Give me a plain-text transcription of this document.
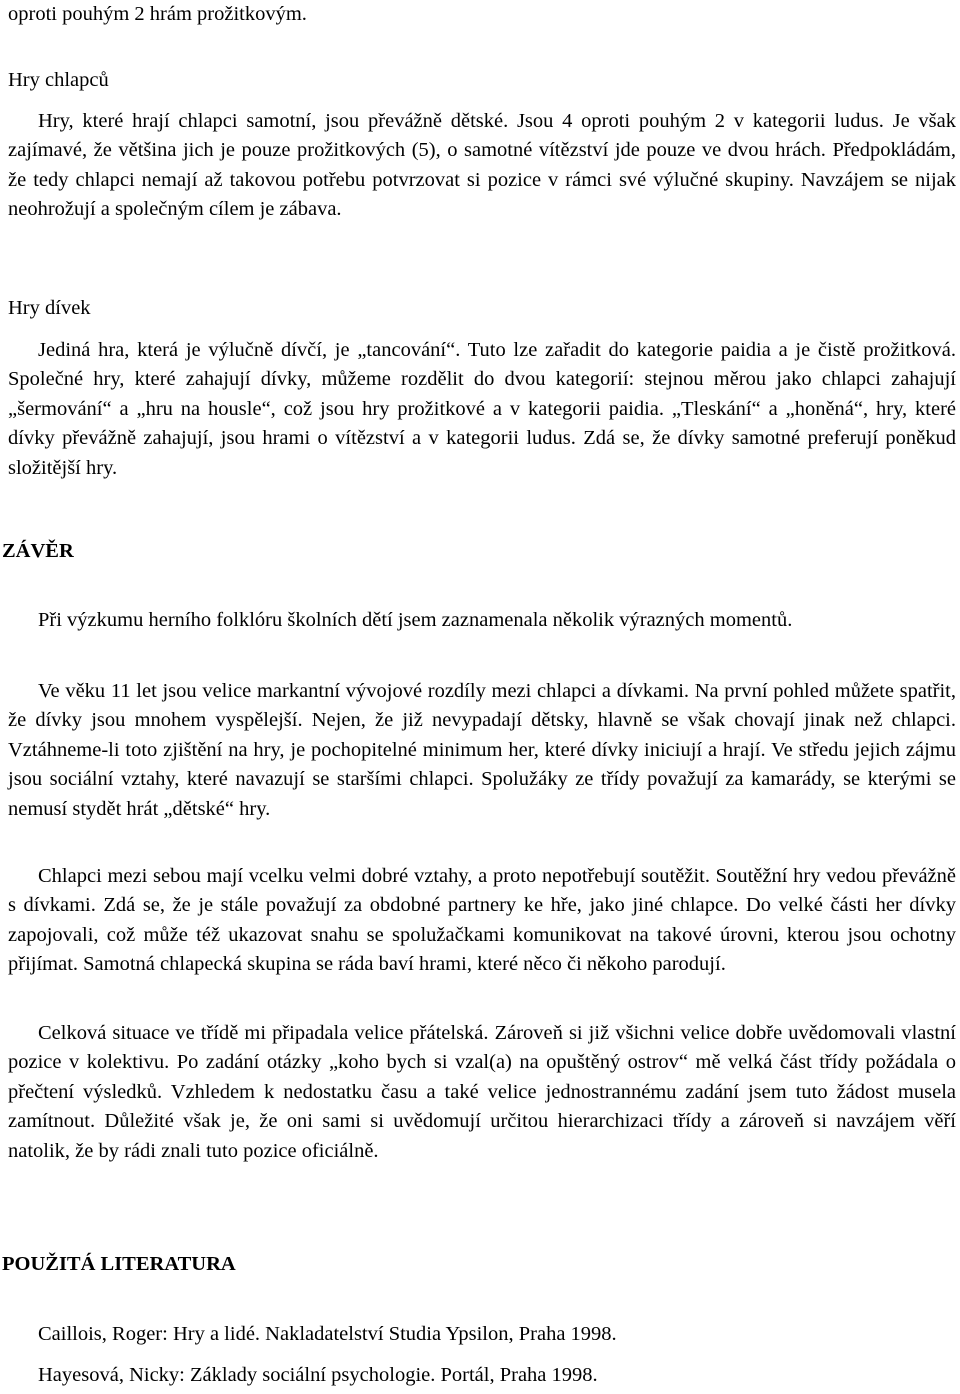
oproti pouhým 2 hrám prožitkovým.

Hry chlapců

Hry, které hrají chlapci samotní, jsou převážně dětské. Jsou 4 oproti pouhým 2 v kategorii ludus. Je však zajímavé, že většina jich je pouze prožitkových (5), o samotné vítězství jde pouze ve dvou hrách. Předpokládám, že tedy chlapci nemají až takovou potřebu potvrzovat si pozice v rámci své výlučné skupiny. Navzájem se nijak neohrožují a společným cílem je zábava.

Hry dívek

Jediná hra, která je výlučně dívčí, je „tancování“. Tuto lze zařadit do kategorie paidia a je čistě prožitková. Společné hry, které zahajují dívky, můžeme rozdělit do dvou kategorií: stejnou měrou jako chlapci zahajují „šermování“ a „hru na housle“, což jsou hry prožitkové a v kategorii paidia. „Tleskání“ a „honěná“, hry, které dívky převážně zahajují, jsou hrami o vítězství a v kategorii ludus. Zdá se, že dívky samotné preferují poněkud složitější hry.

ZÁVĚR

Při výzkumu herního folklóru školních dětí jsem zaznamenala několik výrazných momentů.

Ve věku 11 let jsou velice markantní vývojové rozdíly mezi chlapci a dívkami. Na první pohled můžete spatřit, že dívky jsou mnohem vyspělejší. Nejen, že již nevypadají dětsky, hlavně se však chovají jinak než chlapci. Vztáhneme-li toto zjištění na hry, je pochopitelné minimum her, které dívky iniciují a hrají. Ve středu jejich zájmu jsou sociální vztahy, které navazují se staršími chlapci. Spolužáky ze třídy považují za kamarády, se kterými se nemusí stydět hrát „dětské“ hry.

Chlapci mezi sebou mají vcelku velmi dobré vztahy, a proto nepotřebují soutěžit. Soutěžní hry vedou převážně s dívkami. Zdá se, že je stále považují za obdobné partnery ke hře, jako jiné chlapce. Do velké části her dívky zapojovali, což může též ukazovat snahu se spolužačkami komunikovat na takové úrovni, kterou jsou ochotny přijímat. Samotná chlapecká skupina se ráda baví hrami, které něco či někoho parodují.

Celková situace ve třídě mi připadala velice přátelská. Zároveň si již všichni velice dobře uvědomovali vlastní pozice v kolektivu. Po zadání otázky „koho bych si vzal(a) na opuštěný ostrov“ mě velká část třídy požádala o přečtení výsledků. Vzhledem k nedostatku času a také velice jednostrannému zadání jsem tuto žádost musela zamítnout. Důležité však je, že oni sami si uvědomují určitou hierarchizaci třídy a zároveň si navzájem věří natolik, že by rádi znali tuto pozice oficiálně.

POUŽITÁ LITERATURA

Caillois, Roger: Hry a lidé. Nakladatelství Studia Ypsilon, Praha 1998.

Hayesová, Nicky: Základy sociální psychologie. Portál, Praha 1998.
